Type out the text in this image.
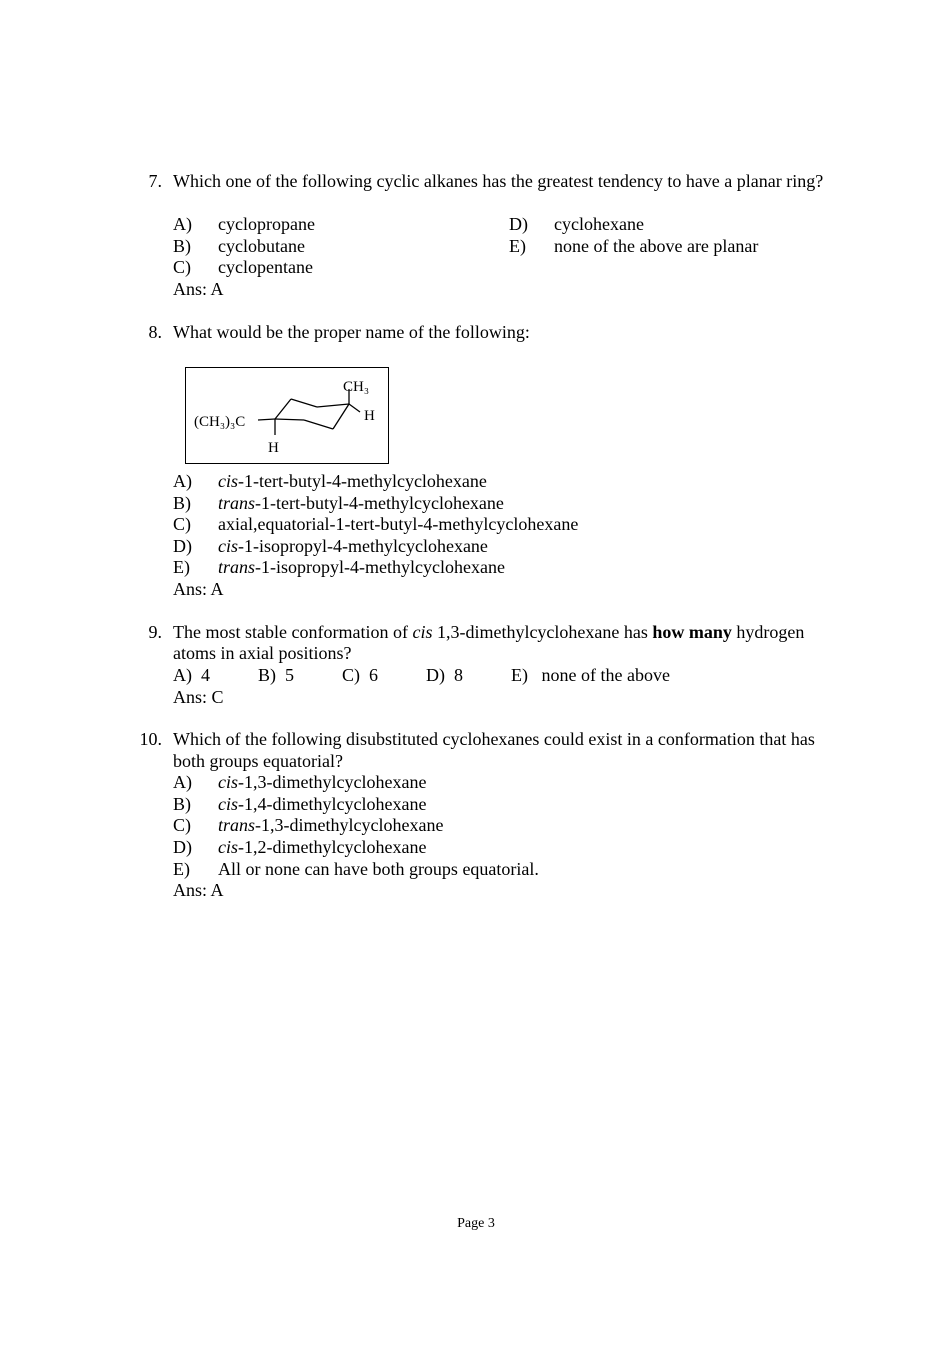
7. Which one of the following cyclic alkanes has the greatest tendency to have a planar ring?
A) cyclopropane
B) cyclobutane
C) cyclopentane
D) cyclohexane
E) none of the above are planar
Ans: A
8. What would be the proper name of the following:
(CH₃)₃C
CH₃
H
H
A) cis-1-tert-butyl-4-methylcyclohexane
B) trans-1-tert-butyl-4-methylcyclohexane
C) axial,equatorial-1-tert-butyl-4-methylcyclohexane
D) cis-1-isopropyl-4-methylcyclohexane
E) trans-1-isopropyl-4-methylcyclohexane
Ans: A
9. The most stable conformation of cis 1,3-dimethylcyclohexane has how many hydrogen
atoms in axial positions?
A) 4	B) 5	C) 6	D) 8	E) none of the above
Ans: C
10. Which of the following disubstituted cyclohexanes could exist in a conformation that has both groups equatorial?
A) cis-1,3-dimethylcyclohexane
B) cis-1,4-dimethylcyclohexane
C) trans-1,3-dimethylcyclohexane
D) cis-1,2-dimethylcyclohexane
E) All or none can have both groups equatorial.
Ans: A
Page 3
